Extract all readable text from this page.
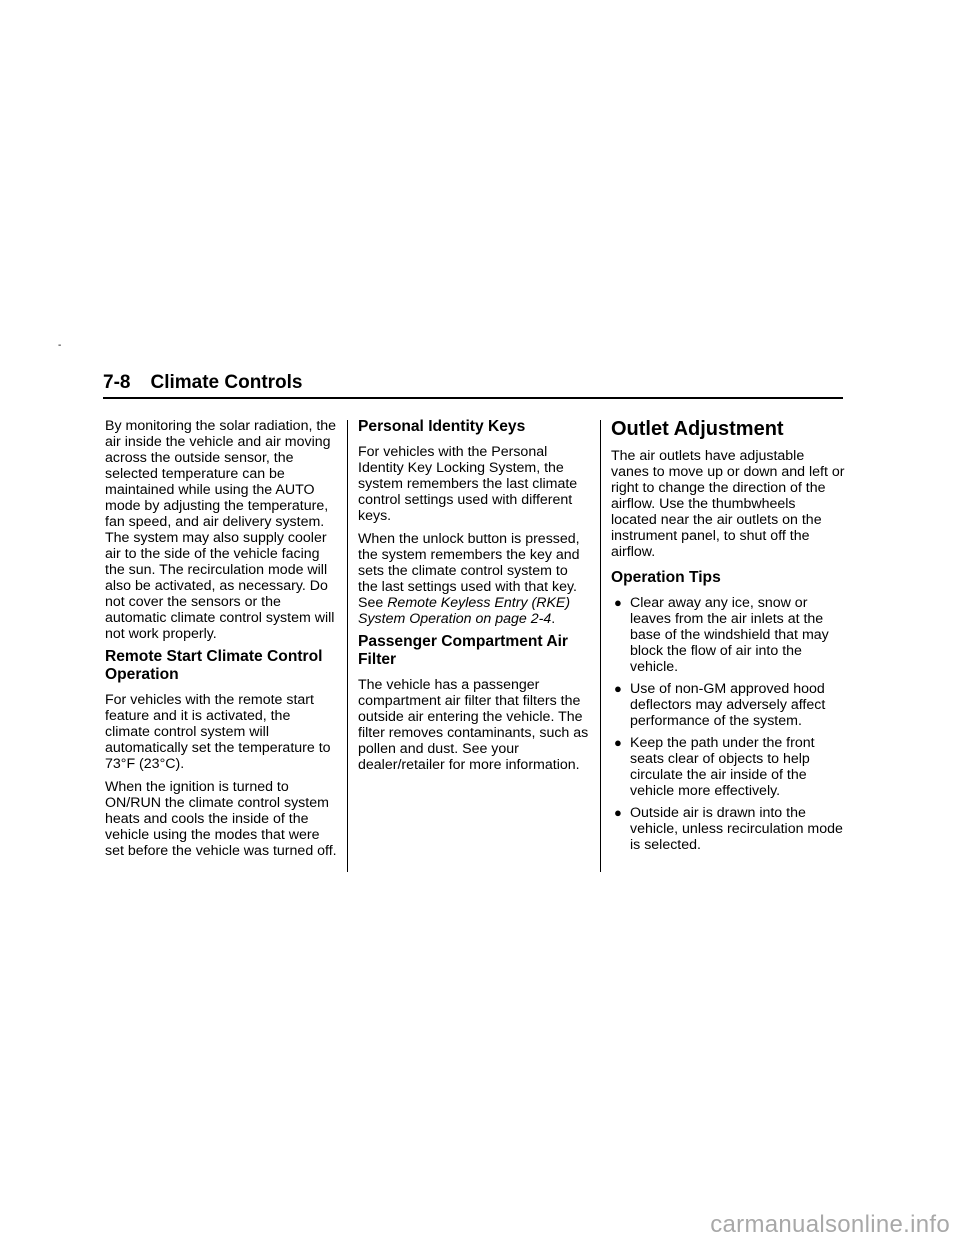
-
7-8 Climate Controls

By monitoring the solar radiation, the air inside the vehicle and air moving across the outside sensor, the selected temperature can be maintained while using the AUTO mode by adjusting the temperature, fan speed, and air delivery system. The system may also supply cooler air to the side of the vehicle facing the sun. The recirculation mode will also be activated, as necessary. Do not cover the sensors or the automatic climate control system will not work properly.

Remote Start Climate Control Operation

For vehicles with the remote start feature and it is activated, the climate control system will automatically set the temperature to 73°F (23°C).

When the ignition is turned to ON/RUN the climate control system heats and cools the inside of the vehicle using the modes that were set before the vehicle was turned off.

Personal Identity Keys

For vehicles with the Personal Identity Key Locking System, the system remembers the last climate control settings used with different keys.

When the unlock button is pressed, the system remembers the key and sets the climate control system to the last settings used with that key. See Remote Keyless Entry (RKE) System Operation on page 2-4.

Passenger Compartment Air Filter

The vehicle has a passenger compartment air filter that filters the outside air entering the vehicle. The filter removes contaminants, such as pollen and dust. See your dealer/retailer for more information.

Outlet Adjustment

The air outlets have adjustable vanes to move up or down and left or right to change the direction of the airflow. Use the thumbwheels located near the air outlets on the instrument panel, to shut off the airflow.

Operation Tips
● Clear away any ice, snow or leaves from the air inlets at the base of the windshield that may block the flow of air into the vehicle.
● Use of non-GM approved hood deflectors may adversely affect performance of the system.
● Keep the path under the front seats clear of objects to help circulate the air inside of the vehicle more effectively.
● Outside air is drawn into the vehicle, unless recirculation mode is selected.
carmanualsonline.info
